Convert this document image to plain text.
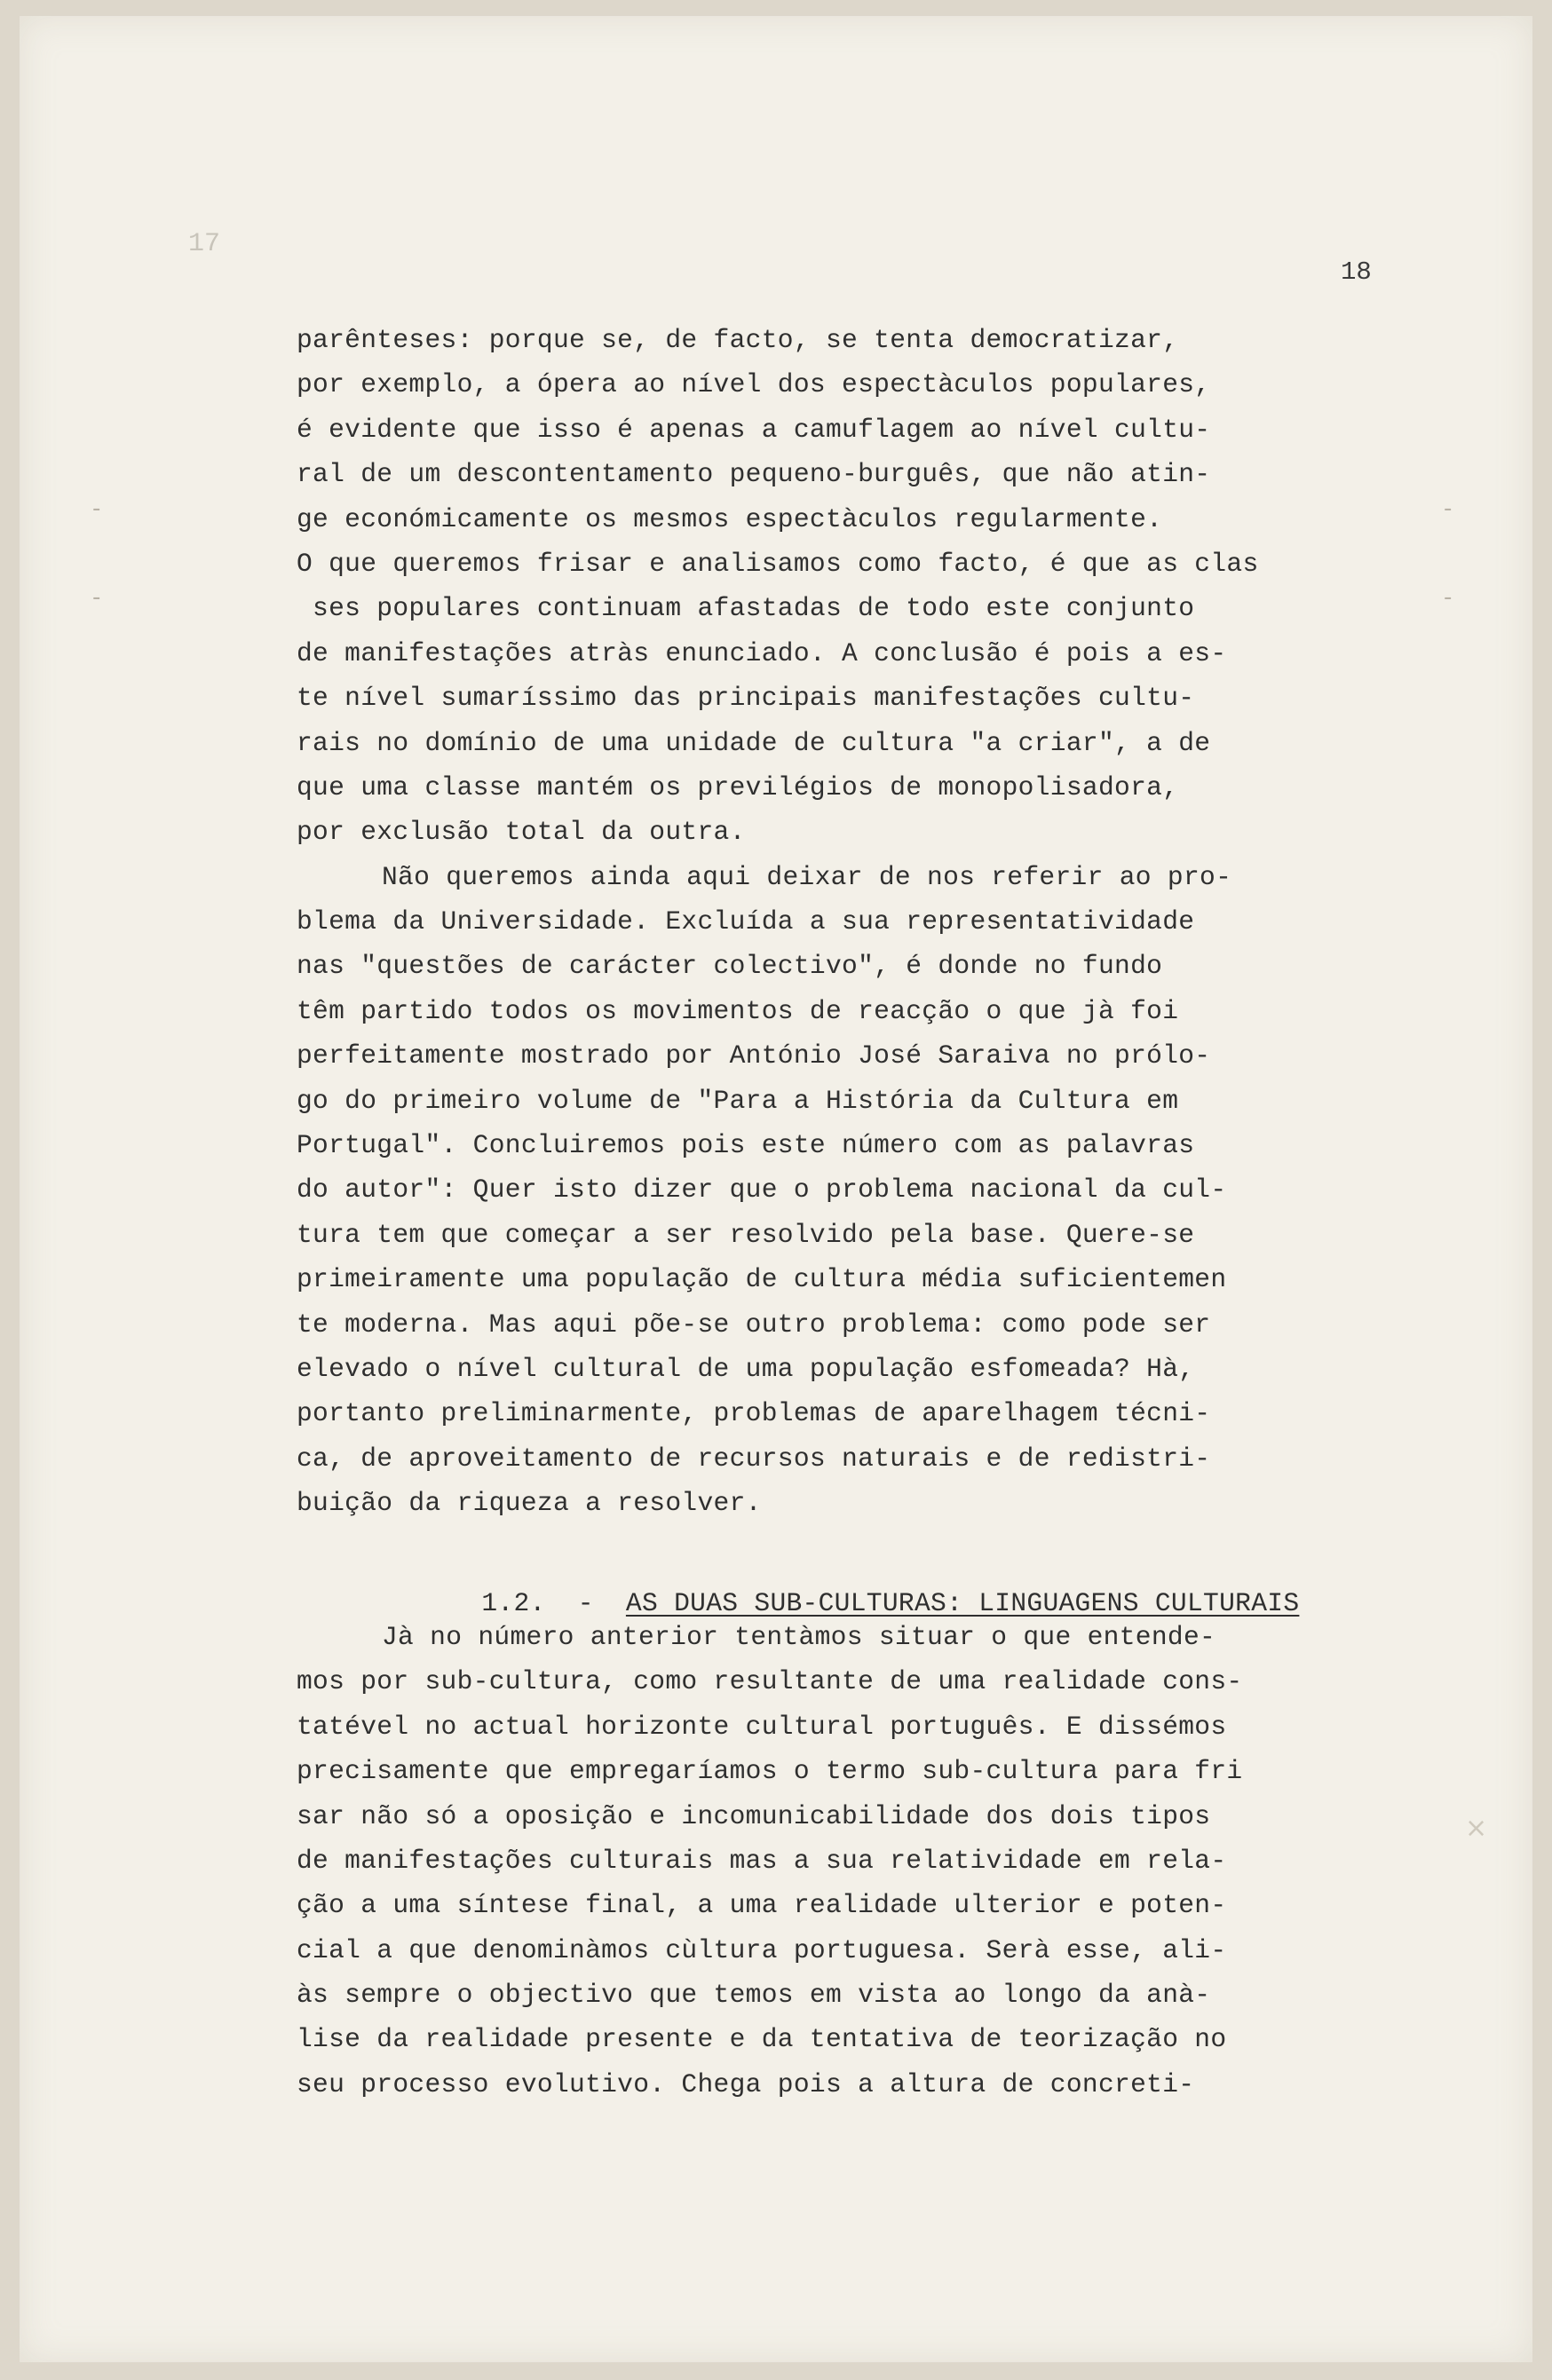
17
18
-
-
-
-
×
parênteses: porque se, de facto, se tenta democratizar,
por exemplo, a ópera ao nível dos espectàculos populares,
é evidente que isso é apenas a camuflagem ao nível cultu-
ral de um descontentamento pequeno-burguês, que não atin-
ge económicamente os mesmos espectàculos regularmente.
O que queremos frisar e analisamos como facto, é que as clas
ses populares continuam afastadas de todo este conjunto
de manifestações atràs enunciado. A conclusão é pois a es-
te nível sumaríssimo das principais manifestações cultu-
rais no domínio de uma unidade de cultura "a criar", a de
que uma classe mantém os previlégios de monopolisadora,
por exclusão total da outra.
Não queremos ainda aqui deixar de nos referir ao pro-
blema da Universidade. Excluída a sua representatividade
nas "questões de carácter colectivo", é donde no fundo
têm partido todos os movimentos de reacção o que jà foi
perfeitamente mostrado por António José Saraiva no prólo-
go do primeiro volume de "Para a História da Cultura em
Portugal". Concluiremos pois este número com as palavras
do autor": Quer isto dizer que o problema nacional da cul-
tura tem que começar a ser resolvido pela base. Quere-se
primeiramente uma população de cultura média suficientemen
te moderna. Mas aqui põe-se outro problema: como pode ser
elevado o nível cultural de uma população esfomeada? Hà,
portanto preliminarmente, problemas de aparelhagem técni-
ca, de aproveitamento de recursos naturais e de redistri-
buição da riqueza a resolver.

1.2.  - AS DUAS SUB-CULTURAS: LINGUAGENS CULTURAIS

Jà no número anterior tentàmos situar o que entende-
mos por sub-cultura, como resultante de uma realidade cons-
tatével no actual horizonte cultural português. E dissémos
precisamente que empregaríamos o termo sub-cultura para fri
sar não só a oposição e incomunicabilidade dos dois tipos
de manifestações culturais mas a sua relatividade em rela-
ção a uma síntese final, a uma realidade ulterior e poten-
cial a que denominàmos cùltura portuguesa. Serà esse, ali-
às sempre o objectivo que temos em vista ao longo da anà-
lise da realidade presente e da tentativa de teorização no
seu processo evolutivo. Chega pois a altura de concreti-
